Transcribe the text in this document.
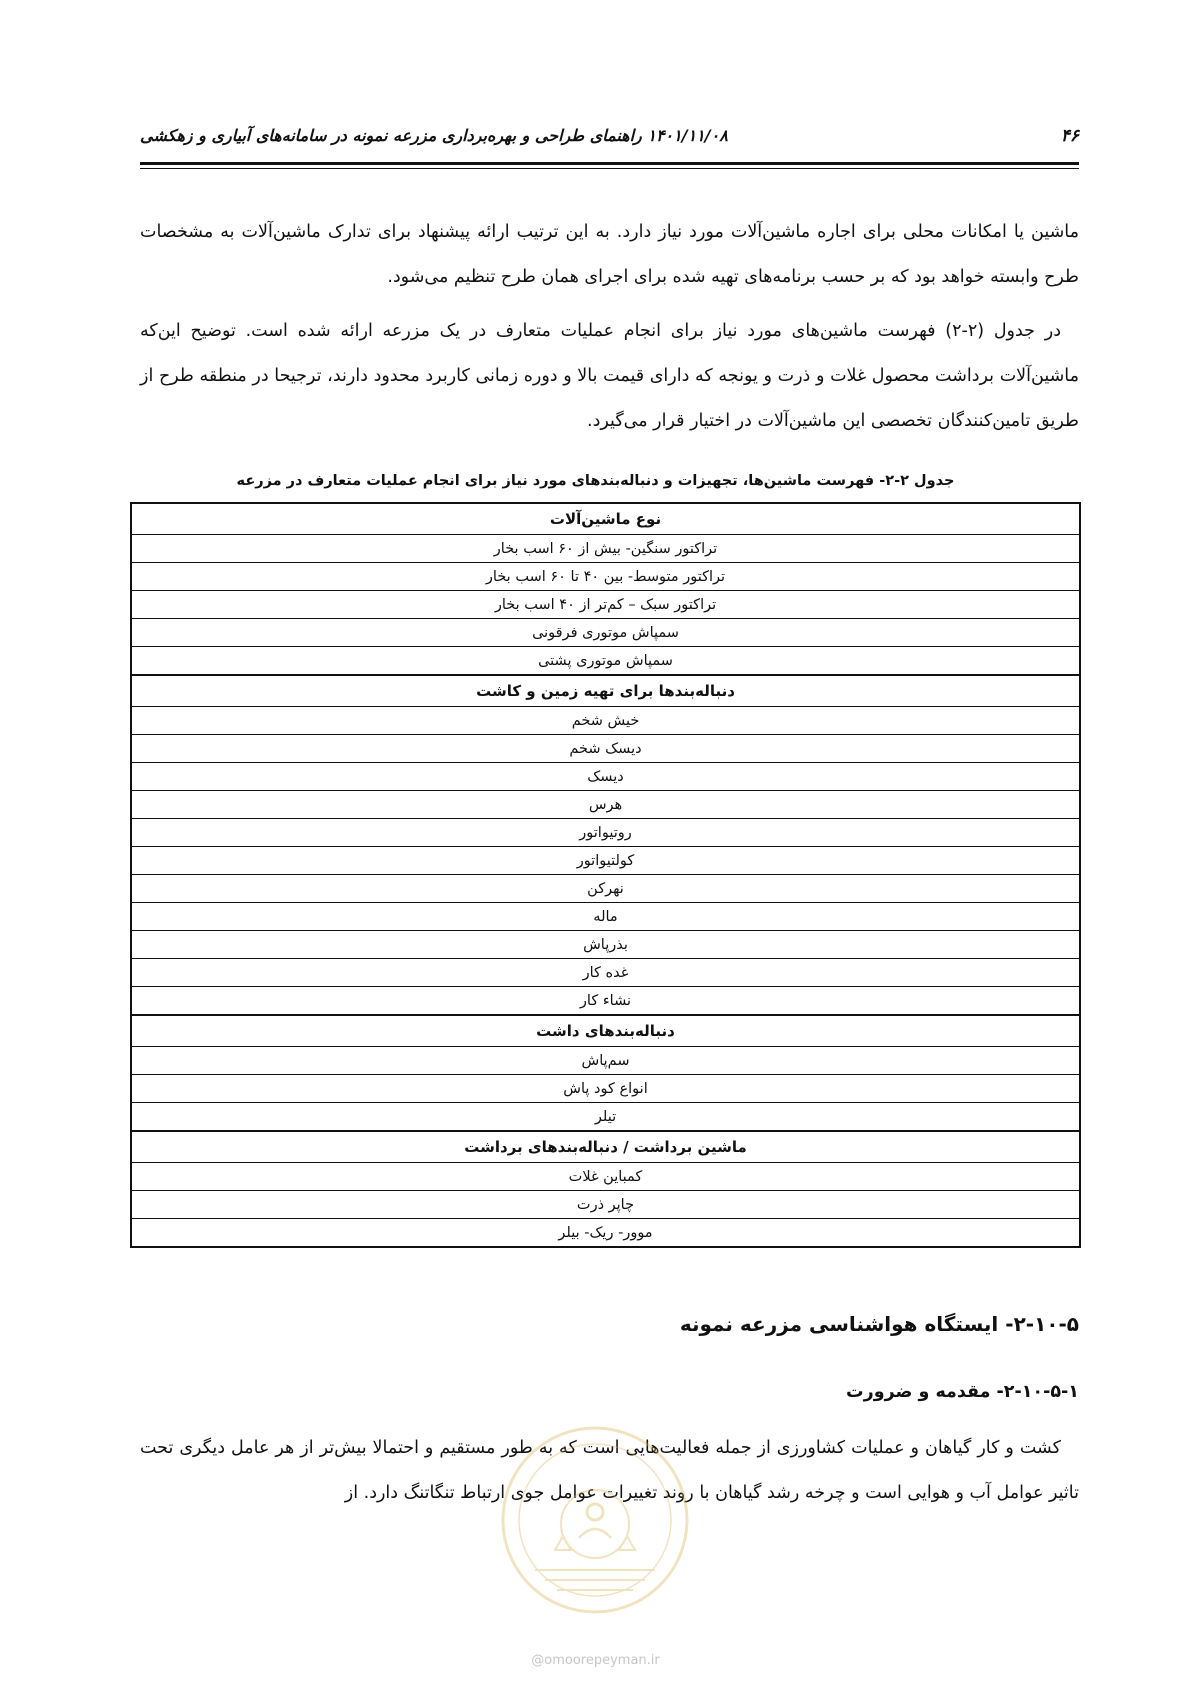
۴۶
۱۴۰۱/۱۱/۰۸ راهنمای طراحی و بهره‌برداری مزرعه نمونه در سامانه‌های آبیاری و زهکشی

ماشین یا امکانات محلی برای اجاره ماشین‌آلات مورد نیاز دارد. به این ترتیب ارائه پیشنهاد برای تدارک ماشین‌آلات به مشخصات طرح وابسته خواهد بود که بر حسب برنامه‌های تهیه شده برای اجرای همان طرح تنظیم می‌شود.

در جدول (۲-۲) فهرست ماشین‌های مورد نیاز برای انجام عملیات متعارف در یک مزرعه ارائه شده است. توضیح این‌که ماشین‌آلات برداشت محصول غلات و ذرت و یونجه که دارای قیمت بالا و دوره زمانی کاربرد محدود دارند، ترجیحا در منطقه طرح از طریق تامین‌کنندگان تخصصی این ماشین‌آلات در اختیار قرار می‌گیرد.

جدول ۲-۲- فهرست ماشین‌ها، تجهیزات و دنباله‌بندهای مورد نیاز برای انجام عملیات متعارف در مزرعه
نوع ماشین‌آلات
تراکتور سنگین- بیش از ۶۰ اسب بخار
تراکتور متوسط- بین ۴۰ تا ۶۰ اسب بخار
تراکتور سبک – کم‌تر از ۴۰ اسب بخار
سمپاش موتوری فرقونی
سمپاش موتوری پشتی
دنباله‌بندها برای تهیه زمین و کاشت
خیش شخم
دیسک شخم
دیسک
هرس
روتیواتور
کولتیواتور
نهرکن
ماله
بذرپاش
غده کار
نشاء کار
دنباله‌بندهای داشت
سم‌پاش
انواع کود پاش
تیلر
ماشین برداشت / دنباله‌بندهای برداشت
کمباین غلات
چاپر ذرت
موور- ریک- بیلر
۲-۱۰-۵- ایستگاه هواشناسی مزرعه نمونه
۲-۱۰-۵-۱- مقدمه و ضرورت

کشت و کار گیاهان و عملیات کشاورزی از جمله فعالیت‌هایی است که به طور مستقیم و احتمالا بیش‌تر از هر عامل دیگری تحت تاثیر عوامل آب و هوایی است و چرخه رشد گیاهان با روند تغییرات عوامل جوی ارتباط تنگاتنگ دارد. از

@omoorepeyman.ir
